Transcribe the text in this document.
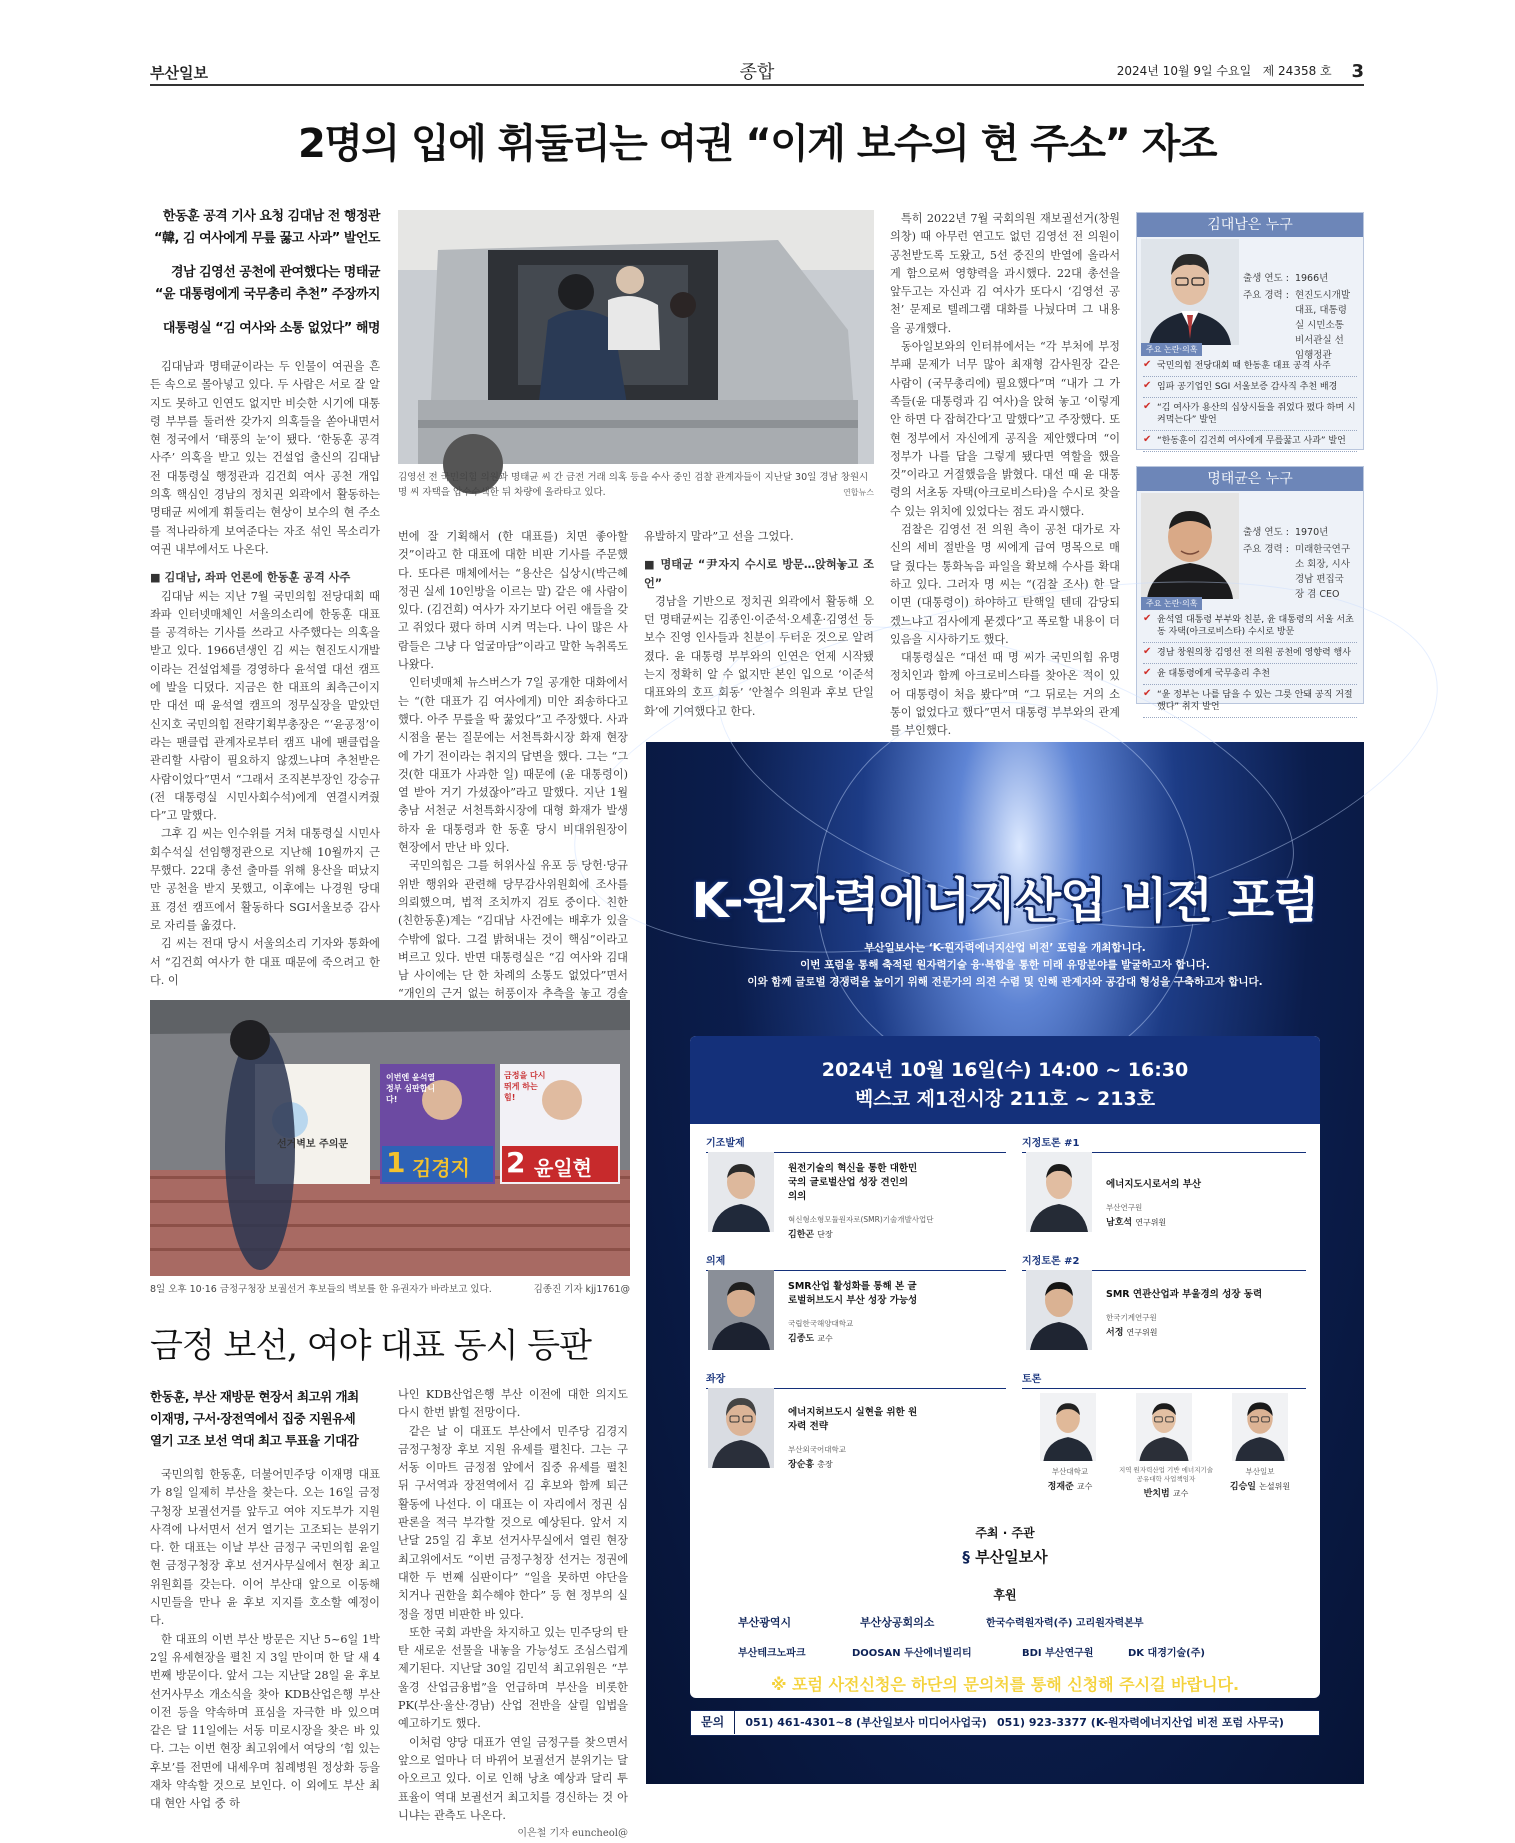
부산일보	종합	2024년 10월 9일 수요일 제 24358 호 3
2명의 입에 휘둘리는 여권 “이게 보수의 현 주소” 자조
한동훈 공격 기사 요청 김대남 전 행정관
“韓, 김 여사에게 무릎 꿇고 사과” 발언도
경남 김영선 공천에 관여했다는 명태균
“윤 대통령에게 국무총리 추천” 주장까지
대통령실 “김 여사와 소통 없었다” 해명

김대남과 명태균이라는 두 인물이 여권을 흔든 속으로 몰아넣고 있다. 두 사람은 서로 잘 알지도 못하고 인연도 없지만 비슷한 시기에 대통령 부부를 둘러싼 갖가지 의혹들을 쏟아내면서 현 정국에서 ‘태풍의 눈’이 됐다. ‘한동훈 공격 사주’ 의혹을 받고 있는 건설업 출신의 김대남 전 대통령실 행정관과 김건희 여사 공천 개입 의혹 핵심인 경남의 정치권 외곽에서 활동하는 명태균 씨에게 휘둘리는 현상이 보수의 현 주소를 적나라하게 보여준다는 자조 섞인 목소리가 여권 내부에서도 나온다.

■ 김대남, 좌파 언론에 한동훈 공격 사주

김대남 씨는 지난 7월 국민의힘 전당대회 때 좌파 인터넷매체인 서울의소리에 한동훈 대표를 공격하는 기사를 쓰라고 사주했다는 의혹을 받고 있다. 1966년생인 김 씨는 현진도시개발이라는 건설업체를 경영하다 윤석열 대선 캠프에 발을 디뎠다. 지금은 한 대표의 최측근이지만 대선 때 윤석열 캠프의 정무실장을 맡았던 신지호 국민의힘 전략기획부총장은 “‘윤공정’이라는 팬클럽 관계자로부터 캠프 내에 팬클럽을 관리할 사람이 필요하지 않겠느냐며 추천받은 사람이었다”면서 “그래서 조직본부장인 강승규(전 대통령실 시민사회수석)에게 연결시켜줬다”고 말했다.

그후 김 씨는 인수위를 거쳐 대통령실 시민사회수석실 선임행정관으로 지난해 10월까지 근무했다. 22대 총선 출마를 위해 용산을 떠났지만 공천을 받지 못했고, 이후에는 나경원 당대표 경선 캠프에서 활동하다 SGI서울보증 감사로 자리를 옮겼다.

김 씨는 전대 당시 서울의소리 기자와 통화에서 “김건희 여사가 한 대표 때문에 죽으려고 한다. 이

김영선 전 국민의힘 의원과 명태균 씨 간 금전 거래 의혹 등을 수사 중인 검찰 관계자들이 지난달 30일 경남 창원시 명 씨 자택을 압수수색한 뒤 차량에 올라타고 있다.	연합뉴스

번에 잘 기획해서 (한 대표를) 치면 좋아할 것”이라고 한 대표에 대한 비판 기사를 주문했다. 또다른 매체에서는 “용산은 십상시(박근혜 정권 실세 10인방을 이르는 말) 같은 애 사람이 있다. (김건희) 여사가 자기보다 어린 애들을 갖고 쥐었다 폈다 하며 시켜 먹는다. 나이 많은 사람들은 그냥 다 얼굴마담”이라고 말한 녹취록도 나왔다.

인터넷매체 뉴스버스가 7일 공개한 대화에서는 “(한 대표가 김 여사에게) 미안 죄송하다고 했다. 아주 무릎을 딱 꿇었다”고 주장했다. 사과 시점을 묻는 질문에는 서천특화시장 화재 현장에 가기 전이라는 취지의 답변을 했다. 그는 “그것(한 대표가 사과한 일) 때문에 (윤 대통령이) 열 받아 거기 가셨잖아”라고 말했다. 지난 1월 충남 서천군 서천특화시장에 대형 화재가 발생하자 윤 대통령과 한 동훈 당시 비대위원장이 현장에서 만난 바 있다.

국민의힘은 그를 허위사실 유포 등 당헌·당규 위반 행위와 관련해 당무감사위원회에 조사를 의뢰했으며, 법적 조치까지 검토 중이다. 친한(친한동훈)계는 “김대남 사건에는 배후가 있을 수밖에 없다. 그걸 밝혀내는 것이 핵심”이라고 벼르고 있다. 반면 대통령실은 “김 여사와 김대남 사이에는 단 한 차례의 소통도 없었다”면서 “개인의 근거 없는 허풍이자 추측을 놓고 경솔

유발하지 말라”고 선을 그었다.

■ 명태균 “尹자지 수시로 방문…앉혀놓고 조언”

경남을 기반으로 정치권 외곽에서 활동해 오던 명태균씨는 김종인·이준석·오세훈·김영선 등 보수 진영 인사들과 친분이 두터운 것으로 알려졌다. 윤 대통령 부부와의 인연은 언제 시작됐는지 정확히 알 수 없지만 본인 입으로 ‘이준석 대표와의 호프 회동’ ‘안철수 의원과 후보 단일화’에 기여했다고 한다.

특히 2022년 7월 국회의원 재보궐선거(창원의창) 때 아무런 연고도 없던 김영선 전 의원이 공천받도록 도왔고, 5선 중진의 반열에 올라서게 함으로써 영향력을 과시했다. 22대 총선을 앞두고는 자신과 김 여사가 또다시 ‘김영선 공천’ 문제로 텔레그램 대화를 나눴다며 그 내용을 공개했다.

동아일보와의 인터뷰에서는 “각 부처에 부정부패 문제가 너무 많아 최재형 감사원장 같은 사람이 (국무총리에) 필요했다”며 “내가 그 가족들(윤 대통령과 김 여사)을 앉혀 놓고 ‘이렇게 안 하면 다 잡혀간다’고 말했다”고 주장했다. 또 현 정부에서 자신에게 공직을 제안했다며 “이 정부가 나를 답을 그렇게 됐다면 역할을 했을 것”이라고 거절했음을 밝혔다. 대선 때 윤 대통령의 서초동 자택(아크로비스타)을 수시로 찾을 수 있는 위치에 있었다는 점도 과시했다.

검찰은 김영선 전 의원 측이 공천 대가로 자신의 세비 절반을 명 씨에게 급여 명목으로 매달 줬다는 통화녹음 파일을 확보해 수사를 확대하고 있다. 그러자 명 씨는 “(검찰 조사) 한 달이면 (대통령이) 하야하고 탄핵일 텐데 감당되겠느냐고 검사에게 묻겠다”고 폭로할 내용이 더 있음을 시사하기도 했다.

대통령실은 “대선 때 명 씨가 국민의힘 유명 정치인과 함께 아크로비스타를 찾아온 적이 있어 대통령이 처음 봤다”며 “그 뒤로는 거의 소통이 없었다고 했다”면서 대통령 부부와의 관계를 부인했다.

김대남은 누구
출생 연도 :	1966년
주요 경력 :	현진도시개발 대표, 대통령실 시민소통비서관실 선임행정관
주요 논란·의혹
✔ 국민의힘 전당대회 때 한동훈 대표 공격 사주
✔ 임파 공기업인 SGI 서울보증 감사직 추천 배경
✔ “김 여사가 용산의 십상시들을 쥐었다 폈다 하며 시켜먹는다” 발언
✔ “한동훈이 김건희 여사에게 무릎꿇고 사과” 발언
명태균은 누구
출생 연도 :	1970년
주요 경력 :	미래한국연구소 회장, 시사경남 편집국장 겸 CEO
주요 논란·의혹
✔ 윤석열 대통령 부부와 친분, 윤 대통령의 서울 서초동 자택(아크로비스타) 수시로 방문
✔ 경남 창원의창 김영선 전 의원 공천에 영향력 행사
✔ 윤 대통령에게 국무총리 추천
✔ “윤 정부는 나를 담을 수 있는 그릇 안돼 공직 거절했다” 취지 발언
선거벽보 주의문
이번엔 윤석열정부 심판합니다!
1 김경지
금정을 다시 뛰게 하는 힘!
2 윤일현
8일 오후 10·16 금정구청장 보궐선거 후보들의 벽보를 한 유권자가 바라보고 있다.	김종진 기자 kjj1761@
금정 보선, 여야 대표 동시 등판
한동훈, 부산 재방문 현장서 최고위 개최
이재명, 구서·장전역에서 집중 지원유세
열기 고조 보선 역대 최고 투표율 기대감

국민의힘 한동훈, 더불어민주당 이재명 대표가 8일 일제히 부산을 찾는다. 오는 16일 금정구청장 보궐선거를 앞두고 여야 지도부가 지원 사격에 나서면서 선거 열기는 고조되는 분위기다. 한 대표는 이날 부산 금정구 국민의힘 윤일현 금정구청장 후보 선거사무실에서 현장 최고위원회를 갖는다. 이어 부산대 앞으로 이동해 시민들을 만나 윤 후보 지지를 호소할 예정이다.

한 대표의 이번 부산 방문은 지난 5~6일 1박 2일 유세현장을 펼친 지 3일 만이며 한 달 새 4번째 방문이다. 앞서 그는 지난달 28일 윤 후보 선거사무소 개소식을 찾아 KDB산업은행 부산 이전 등을 약속하며 표심을 자극한 바 있으며 같은 달 11일에는 서동 미로시장을 찾은 바 있다. 그는 이번 현장 최고위에서 여당의 ‘힘 있는 후보’를 전면에 내세우며 침례병원 정상화 등을 재차 약속할 것으로 보인다. 이 외에도 부산 최대 현안 사업 중 하

나인 KDB산업은행 부산 이전에 대한 의지도 다시 한번 밝힐 전망이다.

같은 날 이 대표도 부산에서 민주당 김경지 금정구청장 후보 지원 유세를 펼친다. 그는 구서동 이마트 금정점 앞에서 집중 유세를 펼친 뒤 구서역과 장전역에서 김 후보와 함께 퇴근 활동에 나선다. 이 대표는 이 자리에서 정권 심판론을 적극 부각할 것으로 예상된다. 앞서 지난달 25일 김 후보 선거사무실에서 열린 현장 최고위에서도 “이번 금정구청장 선거는 정권에 대한 두 번째 심판이다” “일을 못하면 야단을 치거나 권한을 회수해야 한다” 등 현 정부의 실정을 정면 비판한 바 있다.

또한 국회 과반을 차지하고 있는 민주당의 탄탄 새로운 선물을 내놓을 가능성도 조심스럽게 제기된다. 지난달 30일 김민석 최고위원은 “부울경 산업금융법”을 언급하며 부산을 비롯한 PK(부산·울산·경남) 산업 전반을 살릴 입법을 예고하기도 했다.

이처럼 양당 대표가 연일 금정구를 찾으면서 앞으로 얼마나 더 바뀌어 보궐선거 분위기는 달아오르고 있다. 이로 인해 낭초 예상과 달리 투표율이 역대 보궐선거 최고치를 경신하는 것 아니냐는 관측도 나온다.

이은철 기자 euncheol@
K-원자력에너지산업 비전 포럼
부산일보사는 ‘K-원자력에너지산업 비전’ 포럼을 개최합니다.
이번 포럼을 통해 축적된 원자력기술 융·복합을 통한 미래 유망분야를 발굴하고자 합니다.
이와 함께 글로벌 경쟁력을 높이기 위해 전문가의 의견 수렴 및 인해 관계자와 공감대 형성을 구축하고자 합니다.
2024년 10월 16일(수) 14:00 ~ 16:30
벡스코 제1전시장 211호 ~ 213호
기조발제
원전기술의 혁신을 통한 대한민국의 글로벌산업 성장 견인의 의의
혁신형소형모듈원자로(SMR)기술개발사업단
김한곤 단장
의제
SMR산업 활성화를 통해 본 글로벌허브도시 부산 성장 가능성
국립한국해양대학교
김종도 교수
좌장
에너지허브도시 실현을 위한 원자력 전략
부산외국어대학교
장순흥 총장
지정토론 #1
에너지도시로서의 부산
부산연구원
남호석 연구위원
지정토론 #2
SMR 연관산업과 부울경의 성장 동력
한국기계연구원
서정 연구위원
토론
부산대학교
정재준 교수
지역 원자력산업 기반 에너지기술공유대학 사업책임자
반치범 교수
부산일보
김승일 논설위원
주최 · 주관
§ 부산일보사
후원
부산광역시	부산상공회의소	한국수력원자력(주) 고리원자력본부
부산테크노파크	DOOSAN 두산에너빌리티	BDI 부산연구원	DK 대경기술(주)
※ 포럼 사전신청은 하단의 문의처를 통해 신청해 주시길 바랍니다.
문의 051) 461-4301~8 (부산일보사 미디어사업국) 051) 923-3377 (K-원자력에너지산업 비전 포럼 사무국)
